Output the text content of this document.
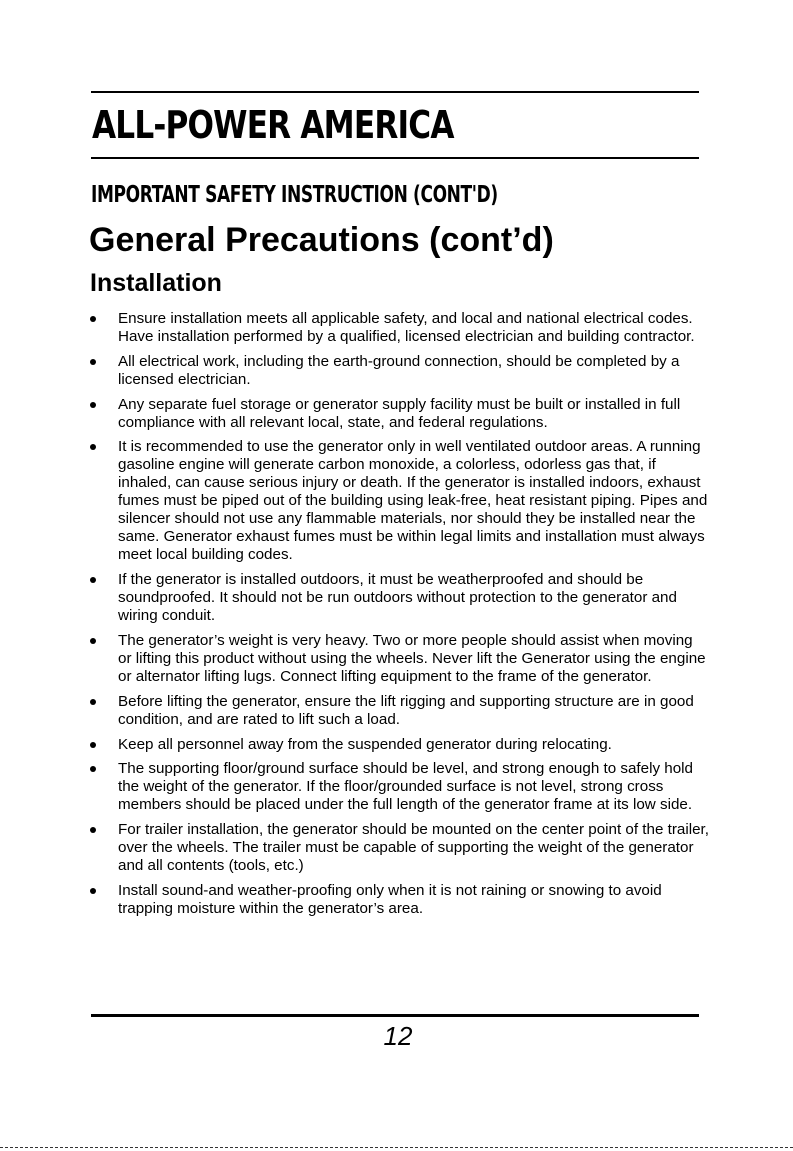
ALL-POWER AMERICA
IMPORTANT SAFETY INSTRUCTION (CONT'D)
General Precautions (cont’d)
Installation
Ensure installation meets all applicable safety, and local and national electrical codes. Have installation performed by a qualified, licensed electrician and building contractor.
All electrical work, including the earth-ground connection, should be completed by a licensed electrician.
Any separate fuel storage or generator supply facility must be built or installed in full compliance with all relevant local, state, and federal regulations.
It is recommended to use the generator only in well ventilated outdoor areas. A running gasoline engine will generate carbon monoxide, a colorless, odorless gas that, if inhaled, can cause serious injury or death. If the generator is installed indoors, exhaust fumes must be piped out of the building using leak-free, heat resistant piping. Pipes and silencer should not use any flammable materials, nor should they be installed near the same. Generator exhaust fumes must be within legal limits and installation must always meet local building codes.
If the generator is installed outdoors, it must be weatherproofed and should be soundproofed. It should not be run outdoors without protection to the generator and wiring conduit.
The generator’s weight is very heavy. Two or more people should assist when moving or lifting this product without using the wheels. Never lift the Generator using the engine or alternator lifting lugs. Connect lifting equipment to the frame of the generator.
Before lifting the generator, ensure the lift rigging and supporting structure are in good condition, and are rated to lift such a load.
Keep all personnel away from the suspended generator during relocating.
The supporting floor/ground surface should be level, and strong enough to safely hold the weight of the generator. If the floor/grounded surface is not level, strong cross members should be placed under the full length of the generator frame at its low side.
For trailer installation, the generator should be mounted on the center point of the trailer, over the wheels. The trailer must be capable of supporting the weight of the generator and all contents (tools, etc.)
Install sound-and weather-proofing only when it is not raining or snowing to avoid trapping moisture within the generator’s area.

12
